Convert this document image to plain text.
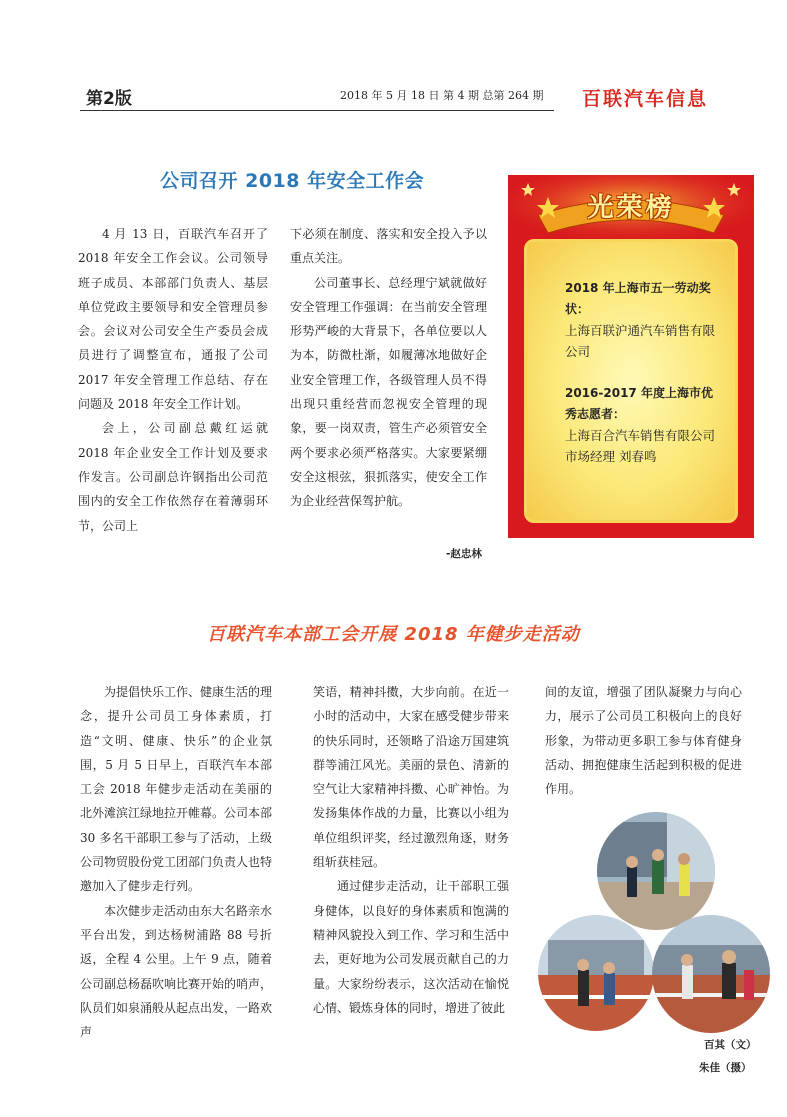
第2版	2018 年 5 月 18 日 第 4 期 总第 264 期 百联汽车信息
公司召开 2018 年安全工作会

4 月 13 日，百联汽车召开了 2018 年安全工作会议。公司领导班子成员、本部部门负责人、基层单位党政主要领导和安全管理员参会。会议对公司安全生产委员会成员进行了调整宣布，通报了公司 2017 年安全管理工作总结、存在问题及 2018 年安全工作计划。

会上，公司副总戴红运就 2018 年企业安全工作计划及要求作发言。公司副总许钢指出公司范围内的安全工作依然存在着薄弱环节，公司上

下必须在制度、落实和安全投入予以重点关注。

公司董事长、总经理宁斌就做好安全管理工作强调：在当前安全管理形势严峻的大背景下，各单位要以人为本，防微杜渐，如履薄冰地做好企业安全管理工作，各级管理人员不得出现只重经营而忽视安全管理的现象，要一岗双责，管生产必须管安全两个要求必须严格落实。大家要紧绷安全这根弦，狠抓落实，使安全工作为企业经营保驾护航。

-赵忠林
光荣榜

2018 年上海市五一劳动奖状：

上海百联沪通汽车销售有限公司

2016-2017 年度上海市优秀志愿者：

上海百合汽车销售有限公司市场经理 刘春鸣

百联汽车本部工会开展 2018 年健步走活动

为提倡快乐工作、健康生活的理念，提升公司员工身体素质，打造“文明、健康、快乐”的企业氛围，5 月 5 日早上，百联汽车本部工会 2018 年健步走活动在美丽的北外滩滨江绿地拉开帷幕。公司本部 30 多名干部职工参与了活动，上级公司物贸股份党工团部门负责人也特邀加入了健步走行列。

本次健步走活动由东大名路亲水平台出发，到达杨树浦路 88 号折返，全程 4 公里。上午 9 点，随着公司副总杨磊吹响比赛开始的哨声，队员们如泉涌般从起点出发，一路欢声

笑语，精神抖擞，大步向前。在近一小时的活动中，大家在感受健步带来的快乐同时，还领略了沿途万国建筑群等浦江风光。美丽的景色、清新的空气让大家精神抖擞、心旷神怡。为发扬集体作战的力量，比赛以小组为单位组织评奖，经过激烈角逐，财务组斩获桂冠。

通过健步走活动，让干部职工强身健体，以良好的身体素质和饱满的精神风貌投入到工作、学习和生活中去，更好地为公司发展贡献自己的力量。大家纷纷表示，这次活动在愉悦心情、锻炼身体的同时，增进了彼此

间的友谊，增强了团队凝聚力与向心力，展示了公司员工积极向上的良好形象，为带动更多职工参与体育健身活动、拥抱健康生活起到积极的促进作用。

百其（文）
朱佳（摄）
